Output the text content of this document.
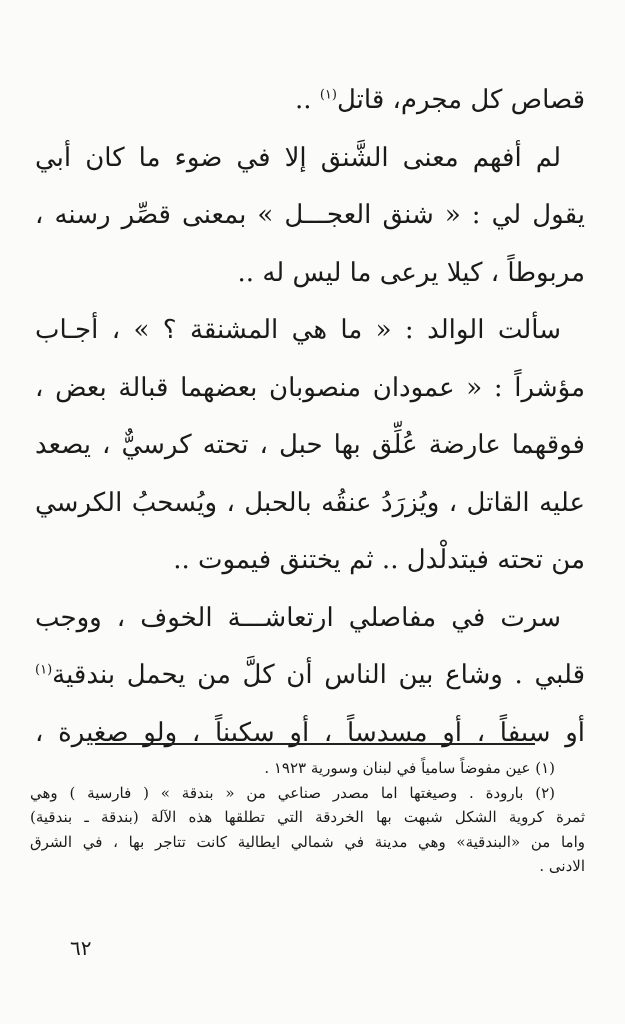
قصاص كل مجرم، قاتل$^{(١)}$ ..
لم أفهم معنى الشَّنق إلا في ضوء ما كان أبي
يقول لي : « شنق العجـــل » بمعنى قصِّر رسنه ،
مربوطاً ، كيلا يرعى ما ليس له ..
سألت الوالد : « ما هي المشنقة ؟ » ، أجـاب
مؤشراً : « عمودان منصوبان بعضهما قبالة بعض ،
فوقهما عارضة عُلِّق بها حبل ، تحته كرسيٌّ ، يصعد
عليه القاتل ، ويُزرَدُ عنقُه بالحبل ، ويُسحبُ الكرسي
من تحته فيتدلْدل .. ثم يختنق فيموت ..
سرت في مفاصلي ارتعاشـــة الخوف ، ووجب
قلبي . وشاع بين الناس أن كلَّ من يحمل بندقية$^{(١)}$
أو سيفاً ، أو مسدساً ، أو سكيناً ، ولو صغيرة ،
(١) عين مفوضاً سامياً في لبنان وسورية ١٩٢٣ .
(٢) بارودة . وصيغتها اما مصدر صناعي من « بندقة » ( فارسية ) وهي
ثمرة كروية الشكل شبهت بها الخردقة التي تطلقها هذه الآلة (بندقة ـ بندقية)
واما من «البندقية» وهي مدينة في شمالي ايطالية كانت تتاجر بها ، في الشرق
الادنى .
٦٢
